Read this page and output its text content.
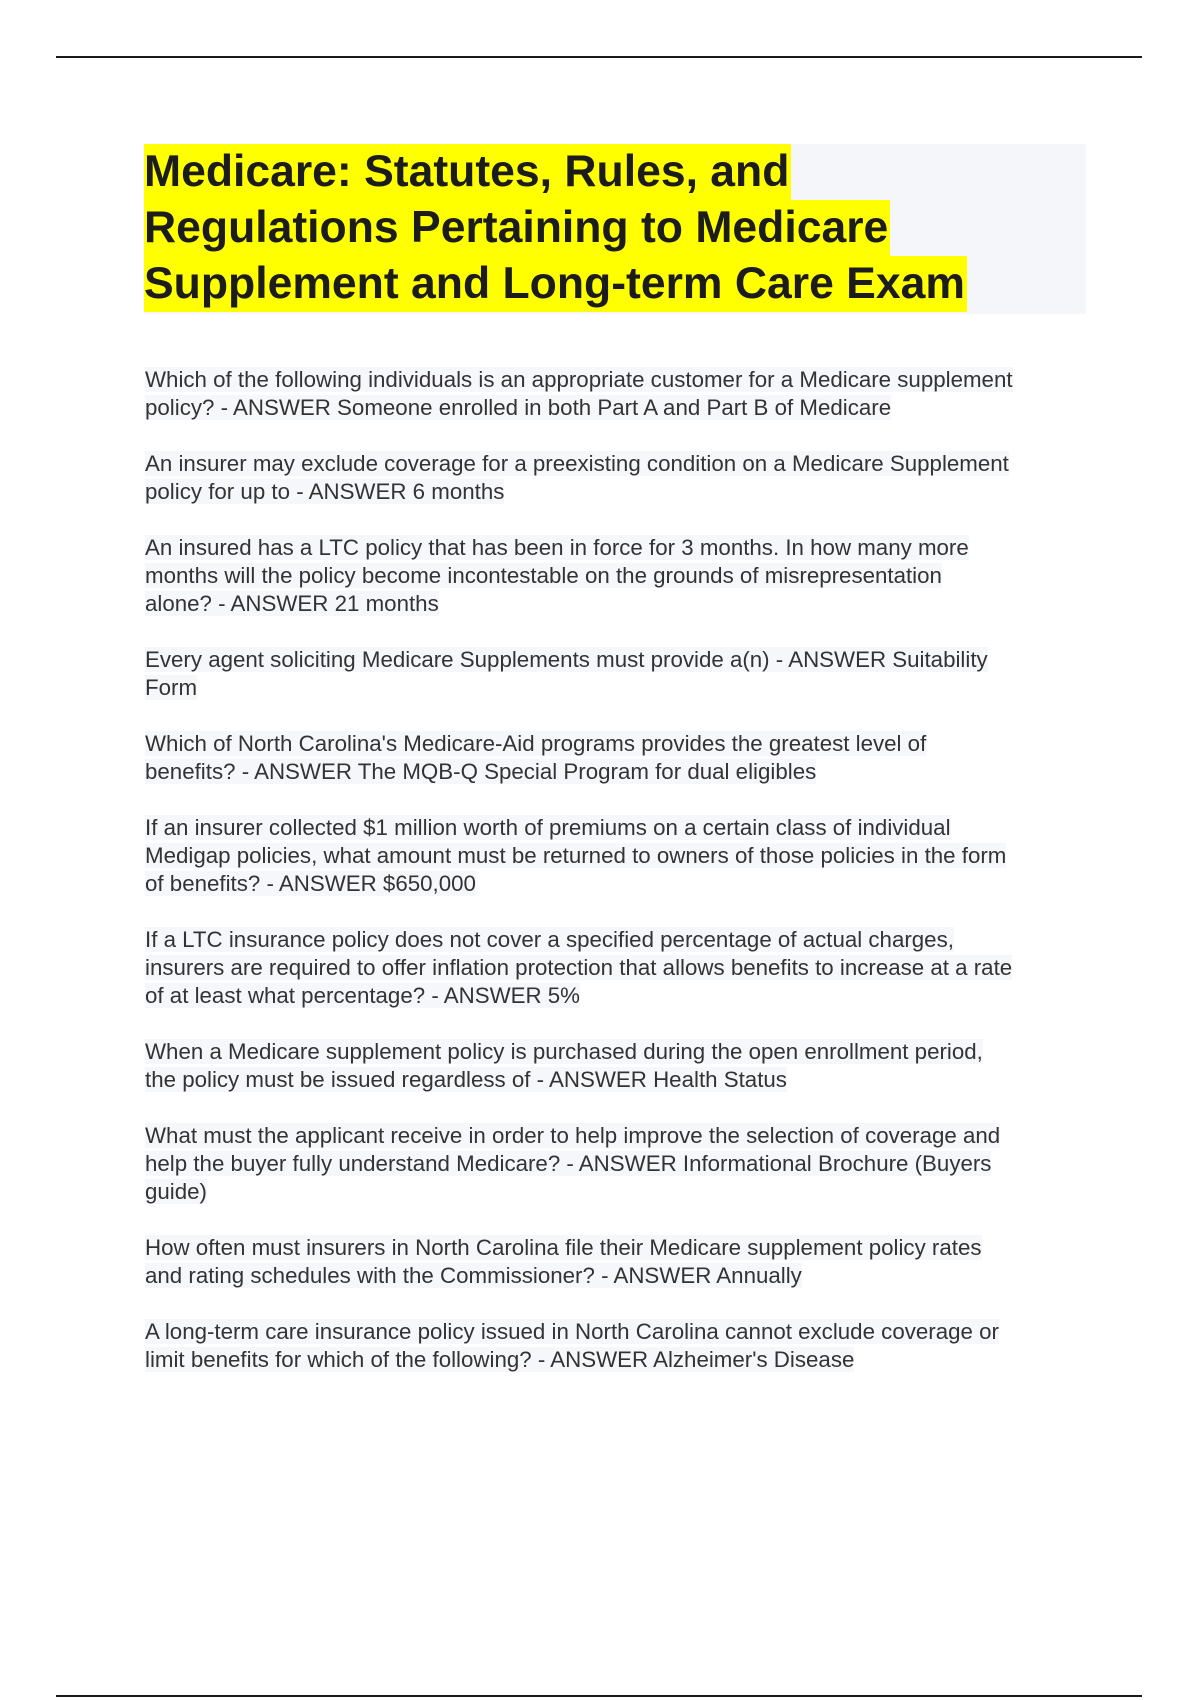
Medicare: Statutes, Rules, and
Regulations Pertaining to Medicare
Supplement and Long-term Care Exam
Which of the following individuals is an appropriate customer for a Medicare supplement
policy? - ANSWER Someone enrolled in both Part A and Part B of Medicare
An insurer may exclude coverage for a preexisting condition on a Medicare Supplement
policy for up to - ANSWER 6 months
An insured has a LTC policy that has been in force for 3 months. In how many more
months will the policy become incontestable on the grounds of misrepresentation
alone? - ANSWER 21 months
Every agent soliciting Medicare Supplements must provide a(n) - ANSWER Suitability
Form
Which of North Carolina's Medicare-Aid programs provides the greatest level of
benefits? - ANSWER The MQB-Q Special Program for dual eligibles
If an insurer collected $1 million worth of premiums on a certain class of individual
Medigap policies, what amount must be returned to owners of those policies in the form
of benefits? - ANSWER $650,000
If a LTC insurance policy does not cover a specified percentage of actual charges,
insurers are required to offer inflation protection that allows benefits to increase at a rate
of at least what percentage? - ANSWER 5%
When a Medicare supplement policy is purchased during the open enrollment period,
the policy must be issued regardless of - ANSWER Health Status
What must the applicant receive in order to help improve the selection of coverage and
help the buyer fully understand Medicare? - ANSWER Informational Brochure (Buyers
guide)
How often must insurers in North Carolina file their Medicare supplement policy rates
and rating schedules with the Commissioner? - ANSWER Annually
A long-term care insurance policy issued in North Carolina cannot exclude coverage or
limit benefits for which of the following? - ANSWER Alzheimer's Disease
